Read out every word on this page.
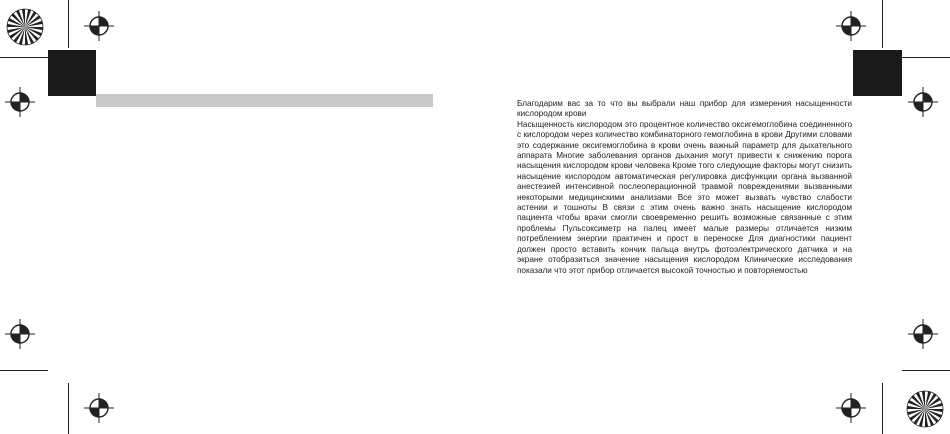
Благодарим вас за то что вы выбрали наш прибор для измерения насыщенности кислородом крови

Насыщенность кислородом это процентное количество оксигемоглобина соединенного с кислородом через количество комбинаторного гемоглобина в крови Другими словами это содержание оксигемоглобина в крови очень важный параметр для дыхательного аппарата Многие заболевания органов дыхания могут привести к снижению порога насыщения кислородом крови человека Кроме того следующие факторы могут снизить насыщение кислородом автоматическая регулировка дисфункции органа вызванной анестезией интенсивной послеоперационной травмой повреждениями вызванными некоторыми медицинскими анализами Все это может вызвать чувство слабости астении и тошноты В связи с этим очень важно знать насыщение кислородом пациента чтобы врачи смогли своевременно решить возможные связанные с этим проблемы Пульсоксиметр на палец имеет малые размеры отличается низким потреблением энергии практичен и прост в переноске Для диагностики пациент должен просто вставить кончик пальца внутрь фотоэлектрического датчика и на экране отобразиться значение насыщения кислородом Клинические исследования показали что этот прибор отличается высокой точностью и повторяемостью
